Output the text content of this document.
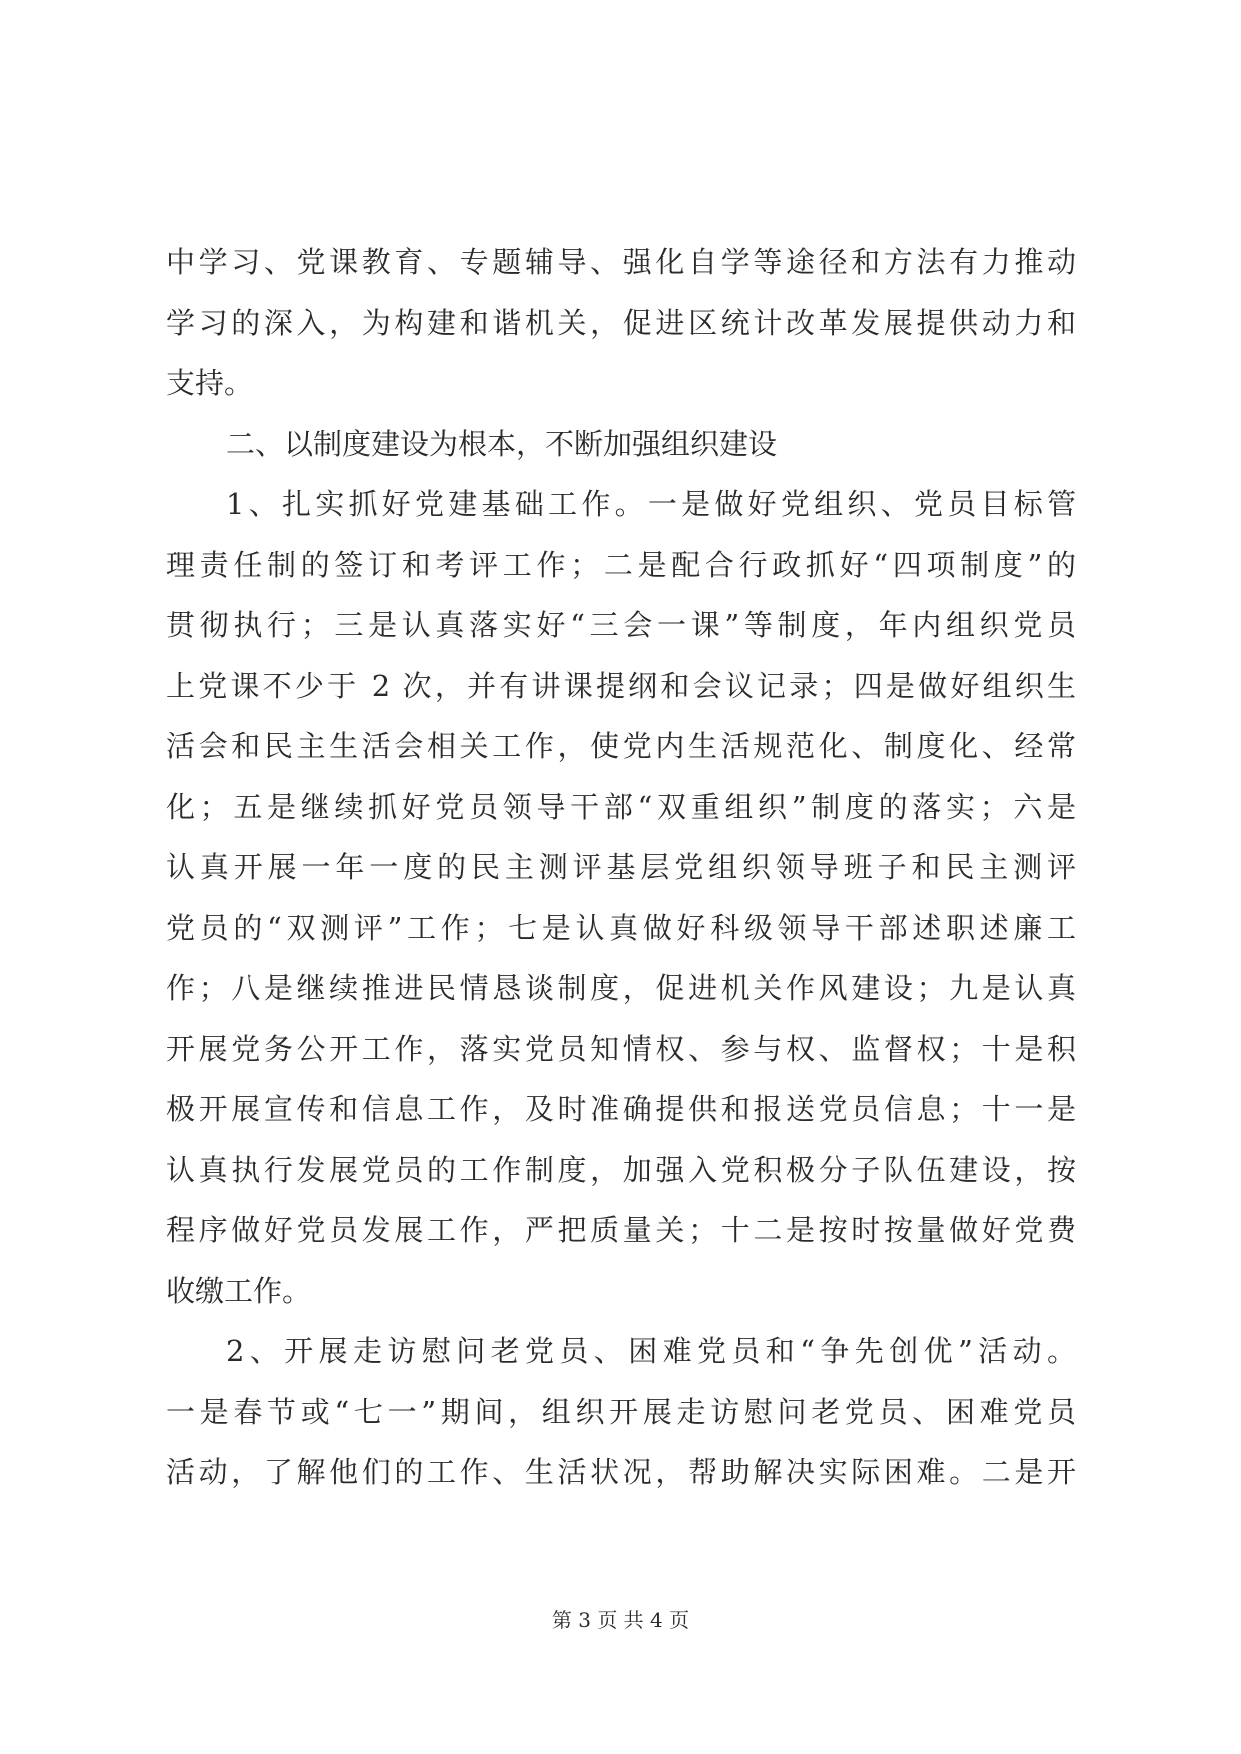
中学习、党课教育、专题辅导、强化自学等途径和方法有力推动
学习的深入，为构建和谐机关，促进区统计改革发展提供动力和
支持。
二、以制度建设为根本，不断加强组织建设
1、扎实抓好党建基础工作。一是做好党组织、党员目标管
理责任制的签订和考评工作；二是配合行政抓好“四项制度”的
贯彻执行；三是认真落实好“三会一课”等制度，年内组织党员
上党课不少于 2 次，并有讲课提纲和会议记录；四是做好组织生
活会和民主生活会相关工作，使党内生活规范化、制度化、经常
化；五是继续抓好党员领导干部“双重组织”制度的落实；六是
认真开展一年一度的民主测评基层党组织领导班子和民主测评
党员的“双测评”工作；七是认真做好科级领导干部述职述廉工
作；八是继续推进民情恳谈制度，促进机关作风建设；九是认真
开展党务公开工作，落实党员知情权、参与权、监督权；十是积
极开展宣传和信息工作，及时准确提供和报送党员信息；十一是
认真执行发展党员的工作制度，加强入党积极分子队伍建设，按
程序做好党员发展工作，严把质量关；十二是按时按量做好党费
收缴工作。
2、开展走访慰问老党员、困难党员和“争先创优”活动。
一是春节或“七一”期间，组织开展走访慰问老党员、困难党员
活动，了解他们的工作、生活状况，帮助解决实际困难。二是开
第 3 页 共 4 页
